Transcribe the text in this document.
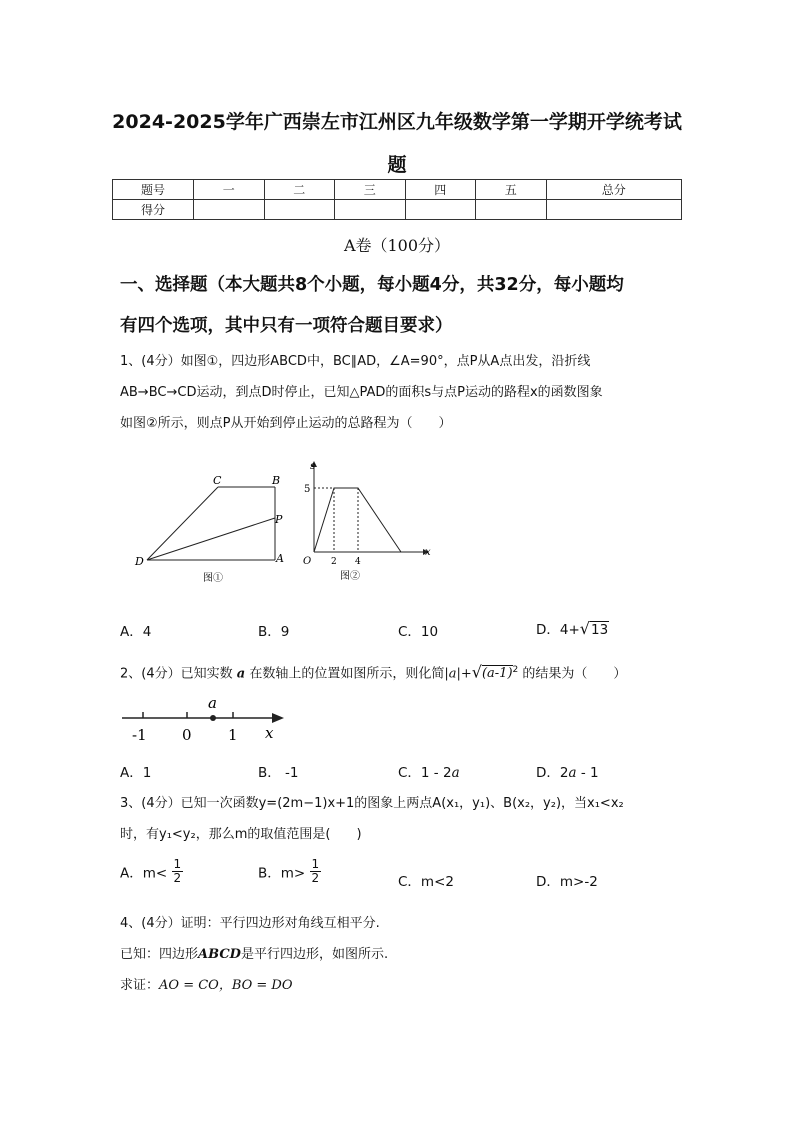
2024-2025学年广西崇左市江州区九年级数学第一学期开学统考试
题
题号	一	二	三	四	五	总分
得分						
A卷（100分）
一、选择题（本大题共8个小题，每小题4分，共32分，每小题均
有四个选项，其中只有一项符合题目要求）
1、(4分）如图①，四边形ABCD中，BC∥AD，∠A=90°，点P从A点出发，沿折线
AB→BC→CD运动，到点D时停止，已知△PAD的面积s与点P运动的路程x的函数图象
如图②所示，则点P从开始到停止运动的总路程为（　　）
C	B
P
A
D
图①
s
x
5
O 2 4
图②
A．4	B．9	C．10	D．4+√13
2、(4分）已知实数 a 在数轴上的位置如图所示，则化简$|a|+√(a-1)^2$ 的结果为（　　）
a
-1 0 1 x
A．1	B． -1	C．1 - 2a	D．2a - 1
3、(4分）已知一次函数y=(2m−1)x+1的图象上两点A(x₁，y₁)、B(x₂，y₂)，当x₁<x₂
时，有y₁<y₂，那么m的取值范围是(　　)
A．$m< \frac{1}{2}$	B．$m> \frac{1}{2}$	C．m<2	D．m>-2
4、(4分）证明：平行四边形对角线互相平分.
已知：四边形ABCD是平行四边形，如图所示.
求证：AO = CO，BO = DO
